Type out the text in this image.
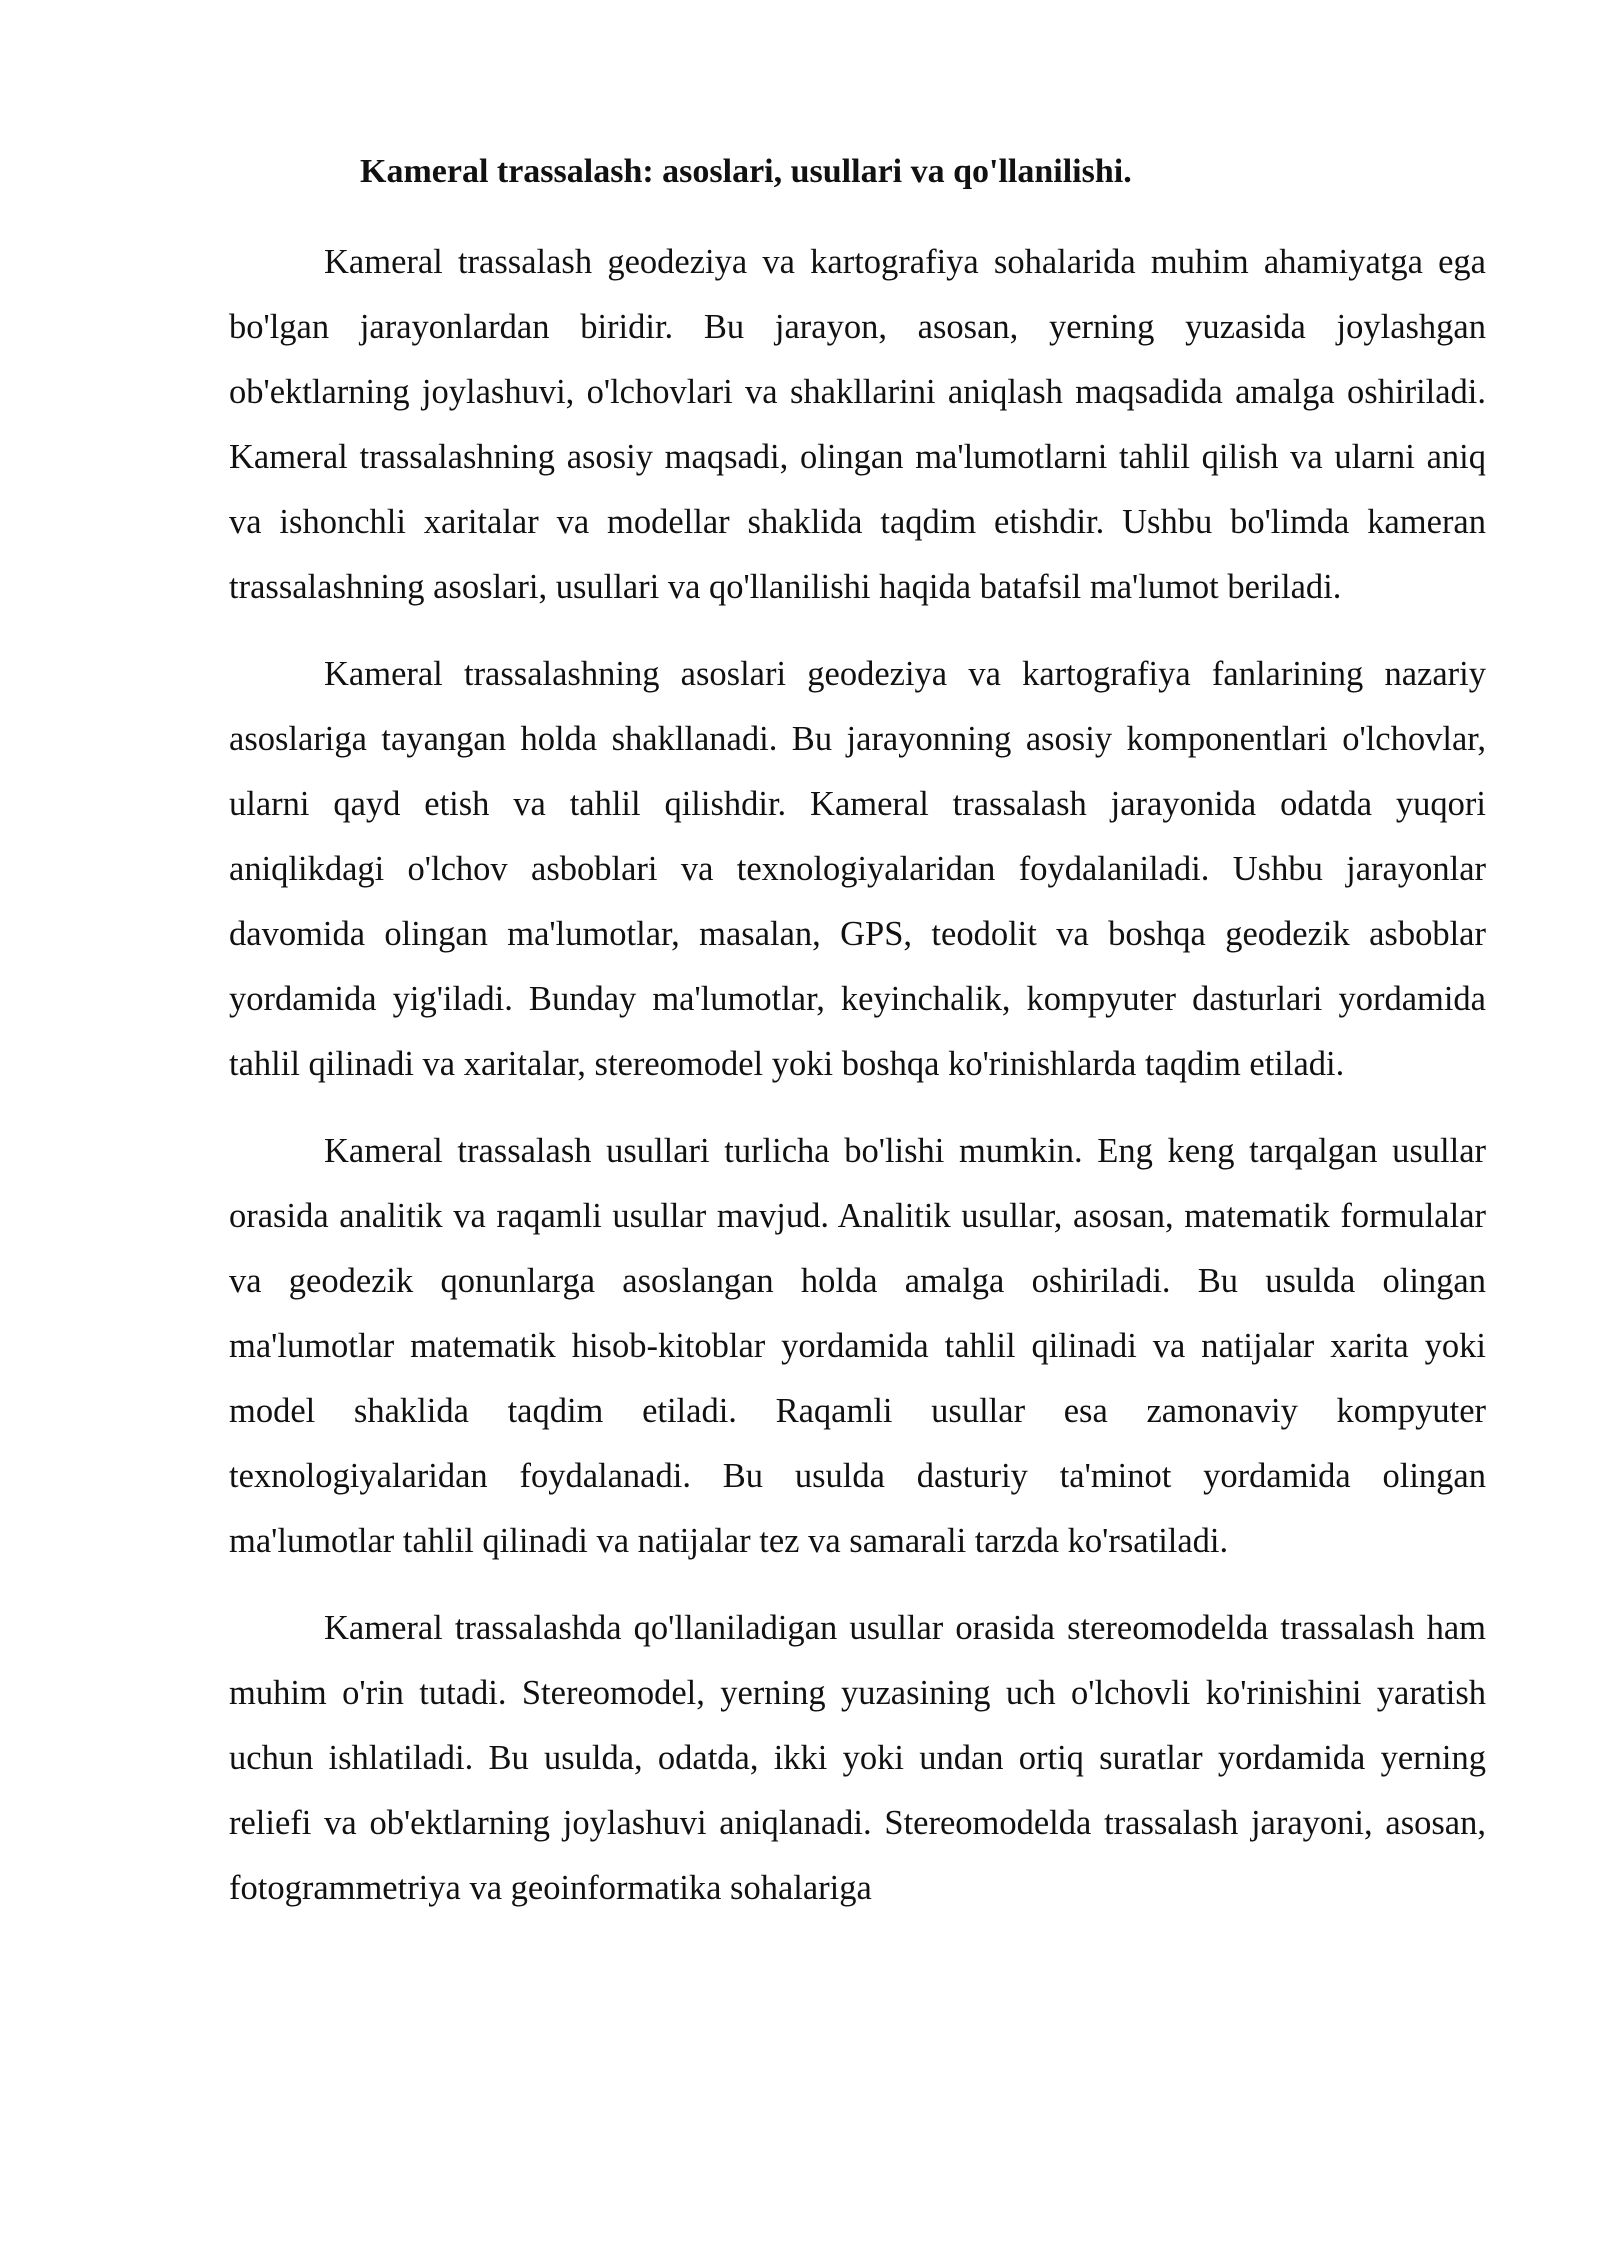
Kameral trassalash: asoslari, usullari va qo'llanilishi.

Kameral trassalash geodeziya va kartografiya sohalarida muhim ahamiyatga ega bo'lgan jarayonlardan biridir. Bu jarayon, asosan, yerning yuzasida joylashgan ob'ektlarning joylashuvi, o'lchovlari va shakllarini aniqlash maqsadida amalga oshiriladi. Kameral trassalashning asosiy maqsadi, olingan ma'lumotlarni tahlil qilish va ularni aniq va ishonchli xaritalar va modellar shaklida taqdim etishdir. Ushbu bo'limda kameran trassalashning asoslari, usullari va qo'llanilishi haqida batafsil ma'lumot beriladi.

Kameral trassalashning asoslari geodeziya va kartografiya fanlarining nazariy asoslariga tayangan holda shakllanadi. Bu jarayonning asosiy komponentlari o'lchovlar, ularni qayd etish va tahlil qilishdir. Kameral trassalash jarayonida odatda yuqori aniqlikdagi o'lchov asboblari va texnologiyalaridan foydalaniladi. Ushbu jarayonlar davomida olingan ma'lumotlar, masalan, GPS, teodolit va boshqa geodezik asboblar yordamida yig'iladi. Bunday ma'lumotlar, keyinchalik, kompyuter dasturlari yordamida tahlil qilinadi va xaritalar, stereomodel yoki boshqa ko'rinishlarda taqdim etiladi.

Kameral trassalash usullari turlicha bo'lishi mumkin. Eng keng tarqalgan usullar orasida analitik va raqamli usullar mavjud. Analitik usullar, asosan, matematik formulalar va geodezik qonunlarga asoslangan holda amalga oshiriladi. Bu usulda olingan ma'lumotlar matematik hisob-kitoblar yordamida tahlil qilinadi va natijalar xarita yoki model shaklida taqdim etiladi. Raqamli usullar esa zamonaviy kompyuter texnologiyalaridan foydalanadi. Bu usulda dasturiy ta'minot yordamida olingan ma'lumotlar tahlil qilinadi va natijalar tez va samarali tarzda ko'rsatiladi.

Kameral trassalashda qo'llaniladigan usullar orasida stereomodelda trassalash ham muhim o'rin tutadi. Stereomodel, yerning yuzasining uch o'lchovli ko'rinishini yaratish uchun ishlatiladi. Bu usulda, odatda, ikki yoki undan ortiq suratlar yordamida yerning reliefi va ob'ektlarning joylashuvi aniqlanadi. Stereomodelda trassalash jarayoni, asosan, fotogrammetriya va geoinformatika sohalariga
